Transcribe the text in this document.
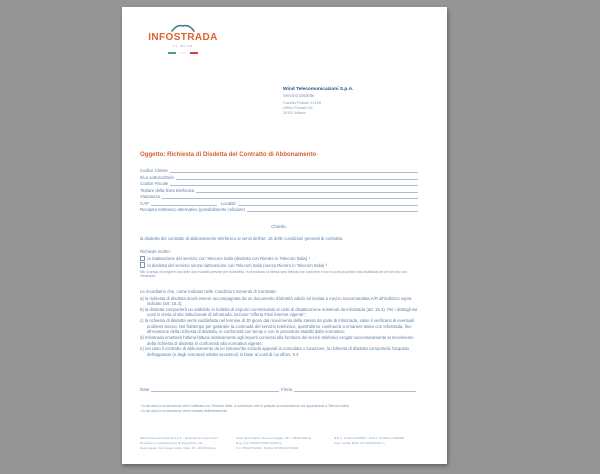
INFOSTRADA
by WIND
Wind Telecomunicazioni S.p.A.
Servizio Disdette
Casella Postale 14155
Ufficio Postale 65
20152 Milano
Oggetto: Richiesta di Disdetta del Contratto di Abbonamento
Codice Cliente
Il/La sottoscritto/a
Codice Fiscale
Titolare della linea telefonica
Via/piazza
CAP	Località
Recapito telefonico alternativo (possibilmente cellulare)
Chiede,
la disdetta del contratto di abbonamento telefonico ai sensi dell'art. 15 delle condizioni generali di contratto.
Richiede inoltre:
la riattivazione del servizio con Telecom Italia (disdetta con Rientro in Telecom Italia) ¹
la disdetta del servizio senza riattivazione con Telecom Italia (senza Rientro in Telecom Italia) ²
NB: si prega di scegliere una delle due modalità previste per la disdetta. In mancanza, la stessa sarà ritenuta non conforme e non si potrà procedere alla disattivazione del servizio con Infostrada.
Le ricordiamo che, come indicato nelle Condizioni Generali di Contratto:
a) la richiesta di disdetta dovrà essere accompagnata da un documento d'identità valido ed inviata a mezzo raccomandata A/R all'indirizzo sopra indicato (art. 15.2);
b) la disdetta comporterà un addebito in bolletta di importo commisurato ai costi di disattivazione sostenuti da Infostrada (art. 15.3). Per i dettagli sui costi si rinvia al sito istituzionale di Infostrada, sezione “offerta Fissi internet vigente”;
c) la richiesta di disdetta verrà soddisfatta nel termine di 30 giorni dal ricevimento della stessa da parte di Infostrada, salvo il verificarsi di eventuali problemi tecnici. Nel frattempo per garantire la continuità del servizio telefonico, quest'ultimo continuerà a rimanere attivo con Infostrada, fino all'evasione della richiesta di disdetta, in conformità con tempi e con le procedure stabiliti dalla normativa;
d) Infostrada emetterà l'ultima fattura relativamente agli importi connessi alla fornitura dei servizi telefonici erogati successivamente al ricevimento della richiesta di disdetta in conformità alla normativa vigente;
e) nel caso il contratto di abbonamento da lei sottoscritto includa apparati in comodato o locazione, la richiesta di disdetta comporterà l'acquisto dell'apparato (e degli eventuali relativi accessori) in base ai costi di cui all'art. 6.3
Data	Firma
¹ In tal caso la numerazione verrà riattivata con Telecom Italia, a condizione che in passato la numerazione sia appartenuta a Telecom Italia.
² In tal caso la numerazione verrà cessata definitivamente.
Wind Telecomunicazioni S.p.A. - Società con socio unico
Direzione e coordinamento di VimpelCom Ltd.
Sede legale: Via Cesare Giulio Viola, 48 - 00148 Roma
Sede Secondaria: Via Lorenteggio, 257 - 20152 Milano
Reg. Imp. 05410741002 di Roma
C.F. 05410741002 - Partita IVA 05410741002
R.E.A. di Roma 846907 - R.E.A. di Milano 1564660
Cap. sociale EUR 147.100.000,00 i.v.
